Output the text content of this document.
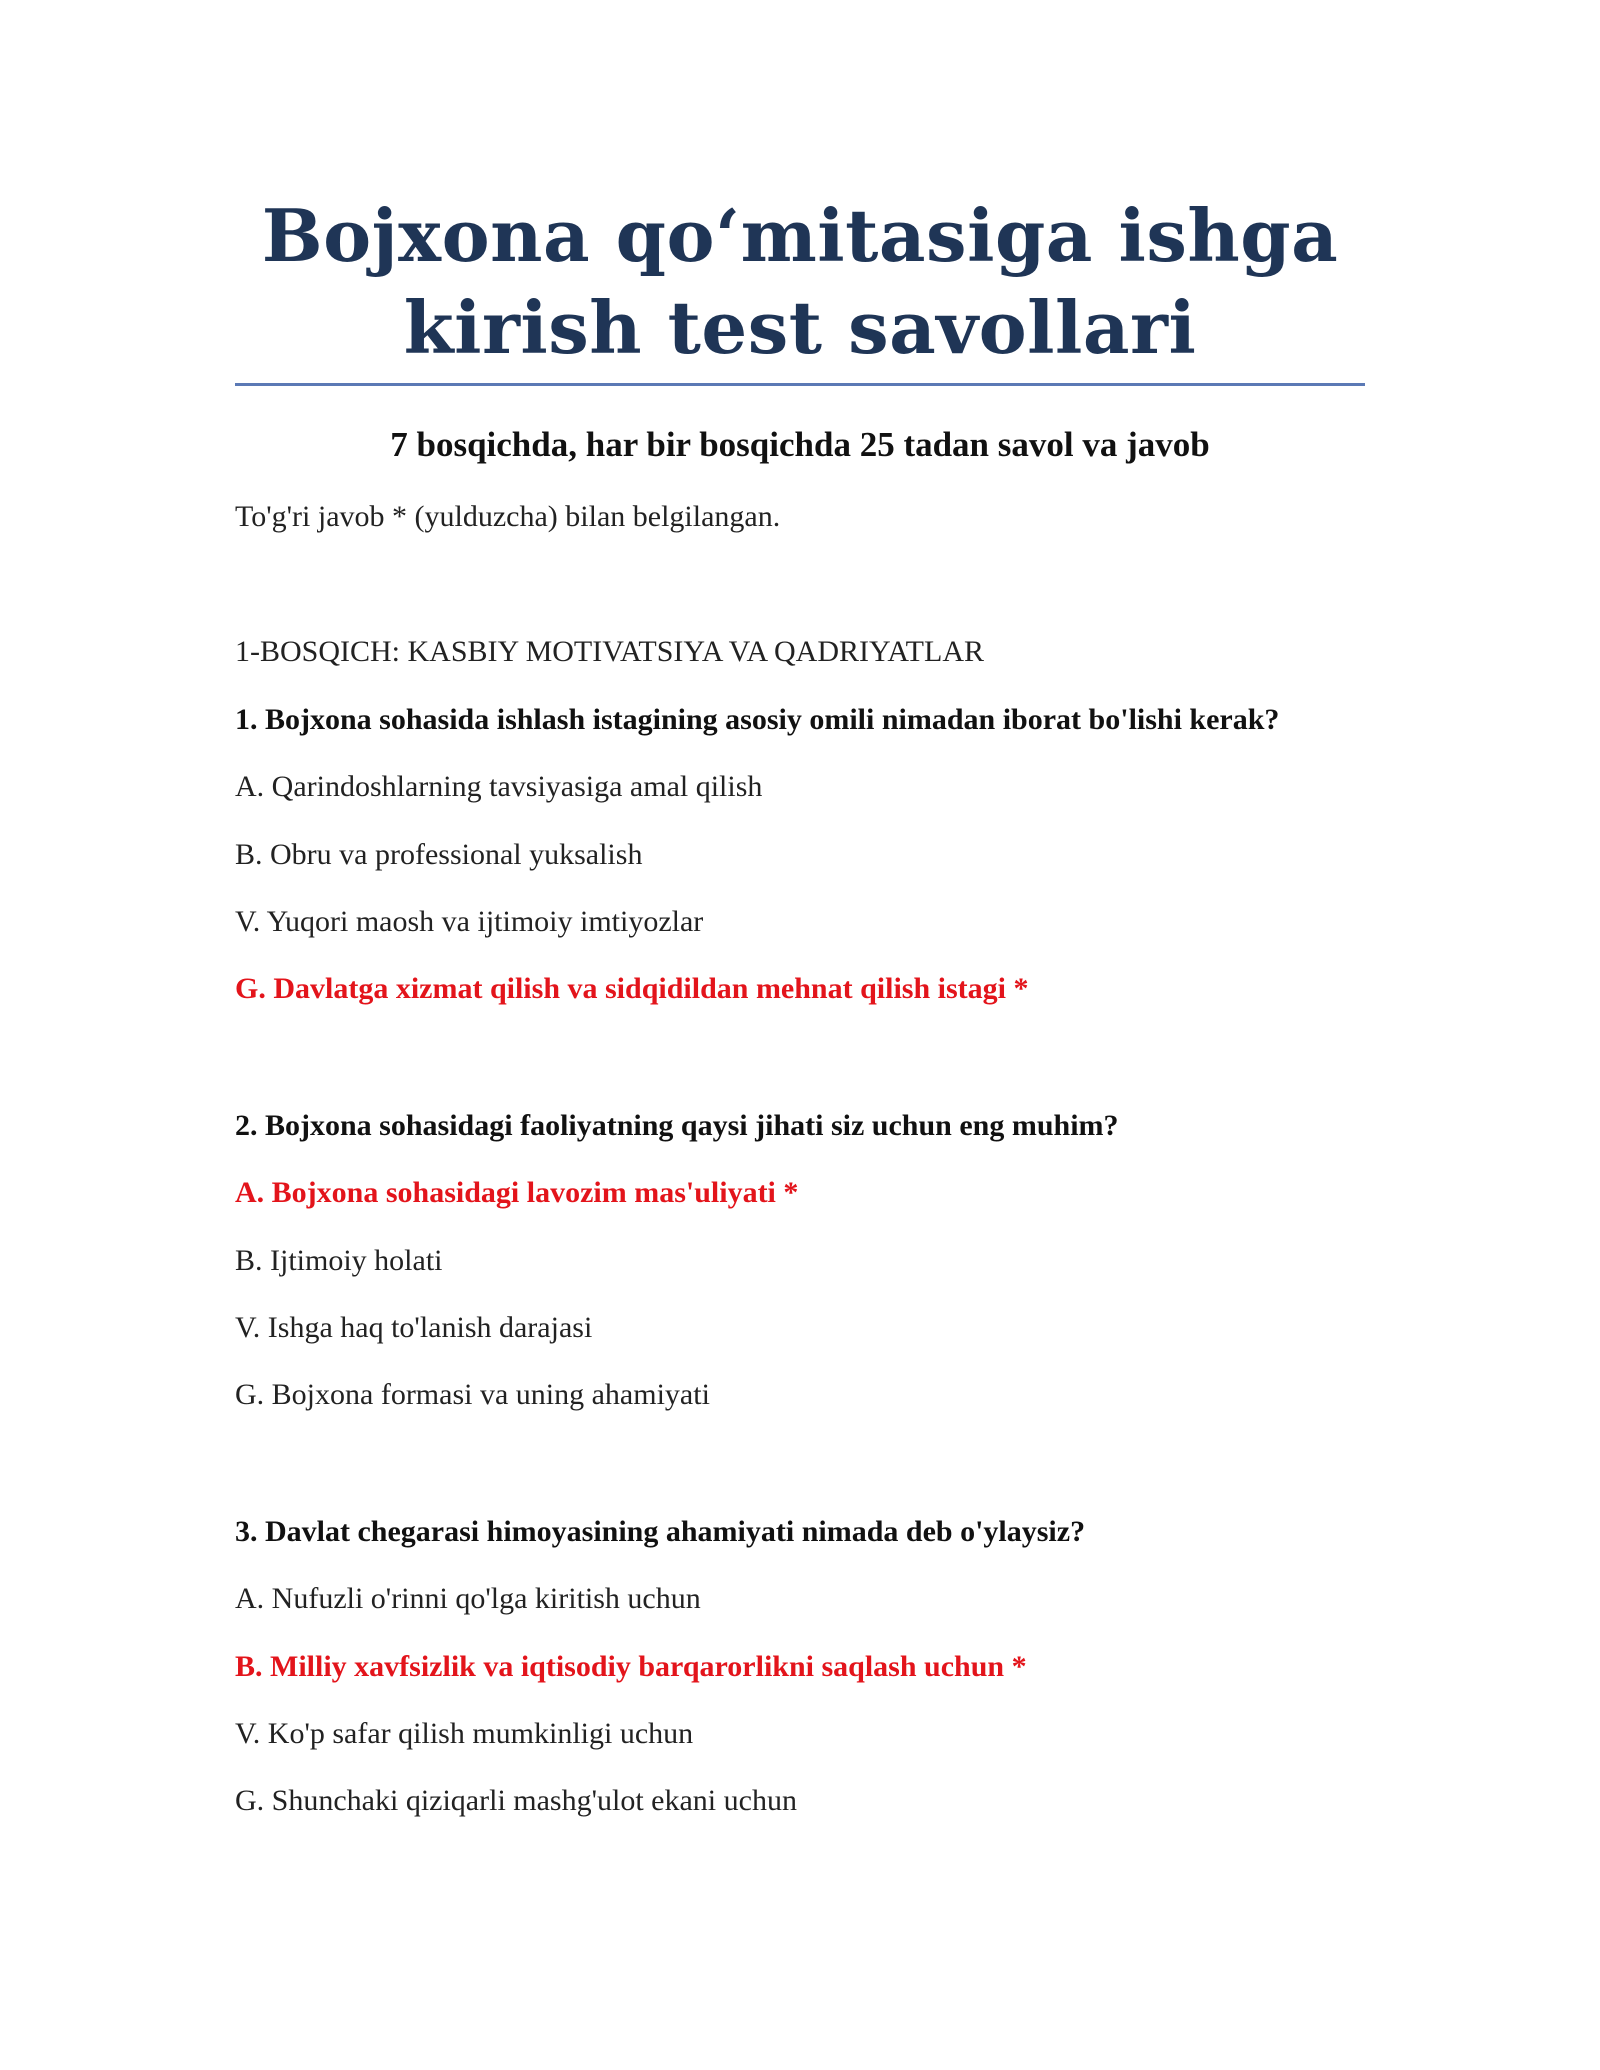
Bojxona qo‘mitasiga ishga
kirish test savollari
7 bosqichda, har bir bosqichda 25 tadan savol va javob
To'g'ri javob * (yulduzcha) bilan belgilangan.
1-BOSQICH: KASBIY MOTIVATSIYA VA QADRIYATLAR
1. Bojxona sohasida ishlash istagining asosiy omili nimadan iborat bo'lishi kerak?
A. Qarindoshlarning tavsiyasiga amal qilish
B. Obru va professional yuksalish
V. Yuqori maosh va ijtimoiy imtiyozlar
G. Davlatga xizmat qilish va sidqidildan mehnat qilish istagi *
2. Bojxona sohasidagi faoliyatning qaysi jihati siz uchun eng muhim?
A. Bojxona sohasidagi lavozim mas'uliyati *
B. Ijtimoiy holati
V. Ishga haq to'lanish darajasi
G. Bojxona formasi va uning ahamiyati
3. Davlat chegarasi himoyasining ahamiyati nimada deb o'ylaysiz?
A. Nufuzli o'rinni qo'lga kiritish uchun
B. Milliy xavfsizlik va iqtisodiy barqarorlikni saqlash uchun *
V. Ko'p safar qilish mumkinligi uchun
G. Shunchaki qiziqarli mashg'ulot ekani uchun
